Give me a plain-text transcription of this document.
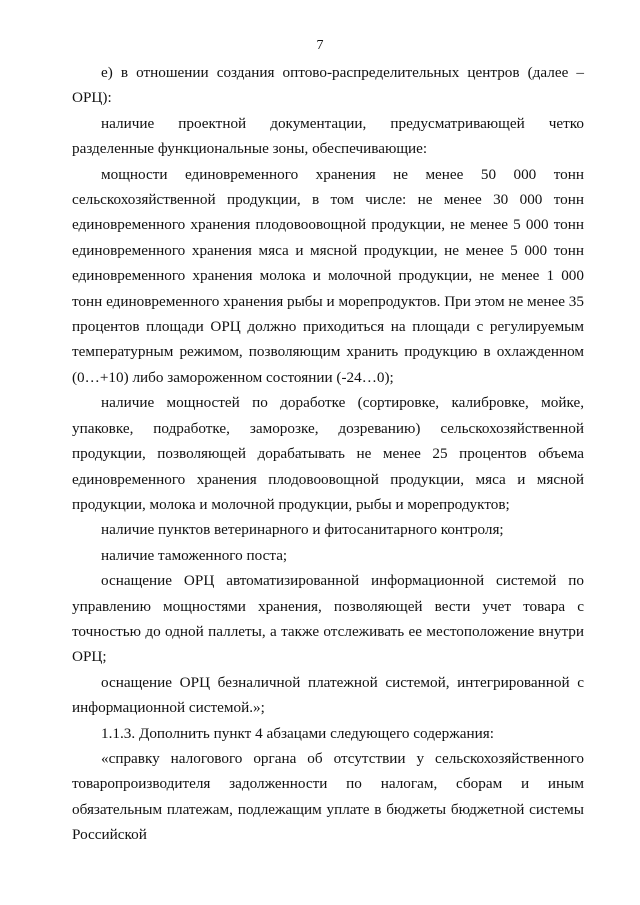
7

е) в отношении создания оптово-распределительных центров (далее – ОРЦ):

наличие проектной документации, предусматривающей четко разделенные функциональные зоны, обеспечивающие:

мощности единовременного хранения не менее 50 000 тонн сельскохозяйственной продукции, в том числе: не менее 30 000 тонн единовременного хранения плодовоовощной продукции, не менее 5 000 тонн единовременного хранения мяса и мясной продукции, не менее 5 000 тонн единовременного хранения молока и молочной продукции, не менее 1 000 тонн единовременного хранения рыбы и морепродуктов. При этом не менее 35 процентов площади ОРЦ должно приходиться на площади с регулируемым температурным режимом, позволяющим хранить продукцию в охлажденном (0…+10) либо замороженном состоянии (-24…0);

наличие мощностей по доработке (сортировке, калибровке, мойке, упаковке, подработке, заморозке, дозреванию) сельскохозяйственной продукции, позволяющей дорабатывать не менее 25 процентов объема единовременного хранения плодовоовощной продукции, мяса и мясной продукции, молока и молочной продукции, рыбы и морепродуктов;

наличие пунктов ветеринарного и фитосанитарного контроля;

наличие таможенного поста;

оснащение ОРЦ автоматизированной информационной системой по управлению мощностями хранения, позволяющей вести учет товара с точностью до одной паллеты, а также отслеживать ее местоположение внутри ОРЦ;

оснащение ОРЦ безналичной платежной системой, интегрированной с информационной системой.»;

1.1.3. Дополнить пункт 4 абзацами следующего содержания:

«справку налогового органа об отсутствии у сельскохозяйственного товаропроизводителя задолженности по налогам, сборам и иным обязательным платежам, подлежащим уплате в бюджеты бюджетной системы Российской
